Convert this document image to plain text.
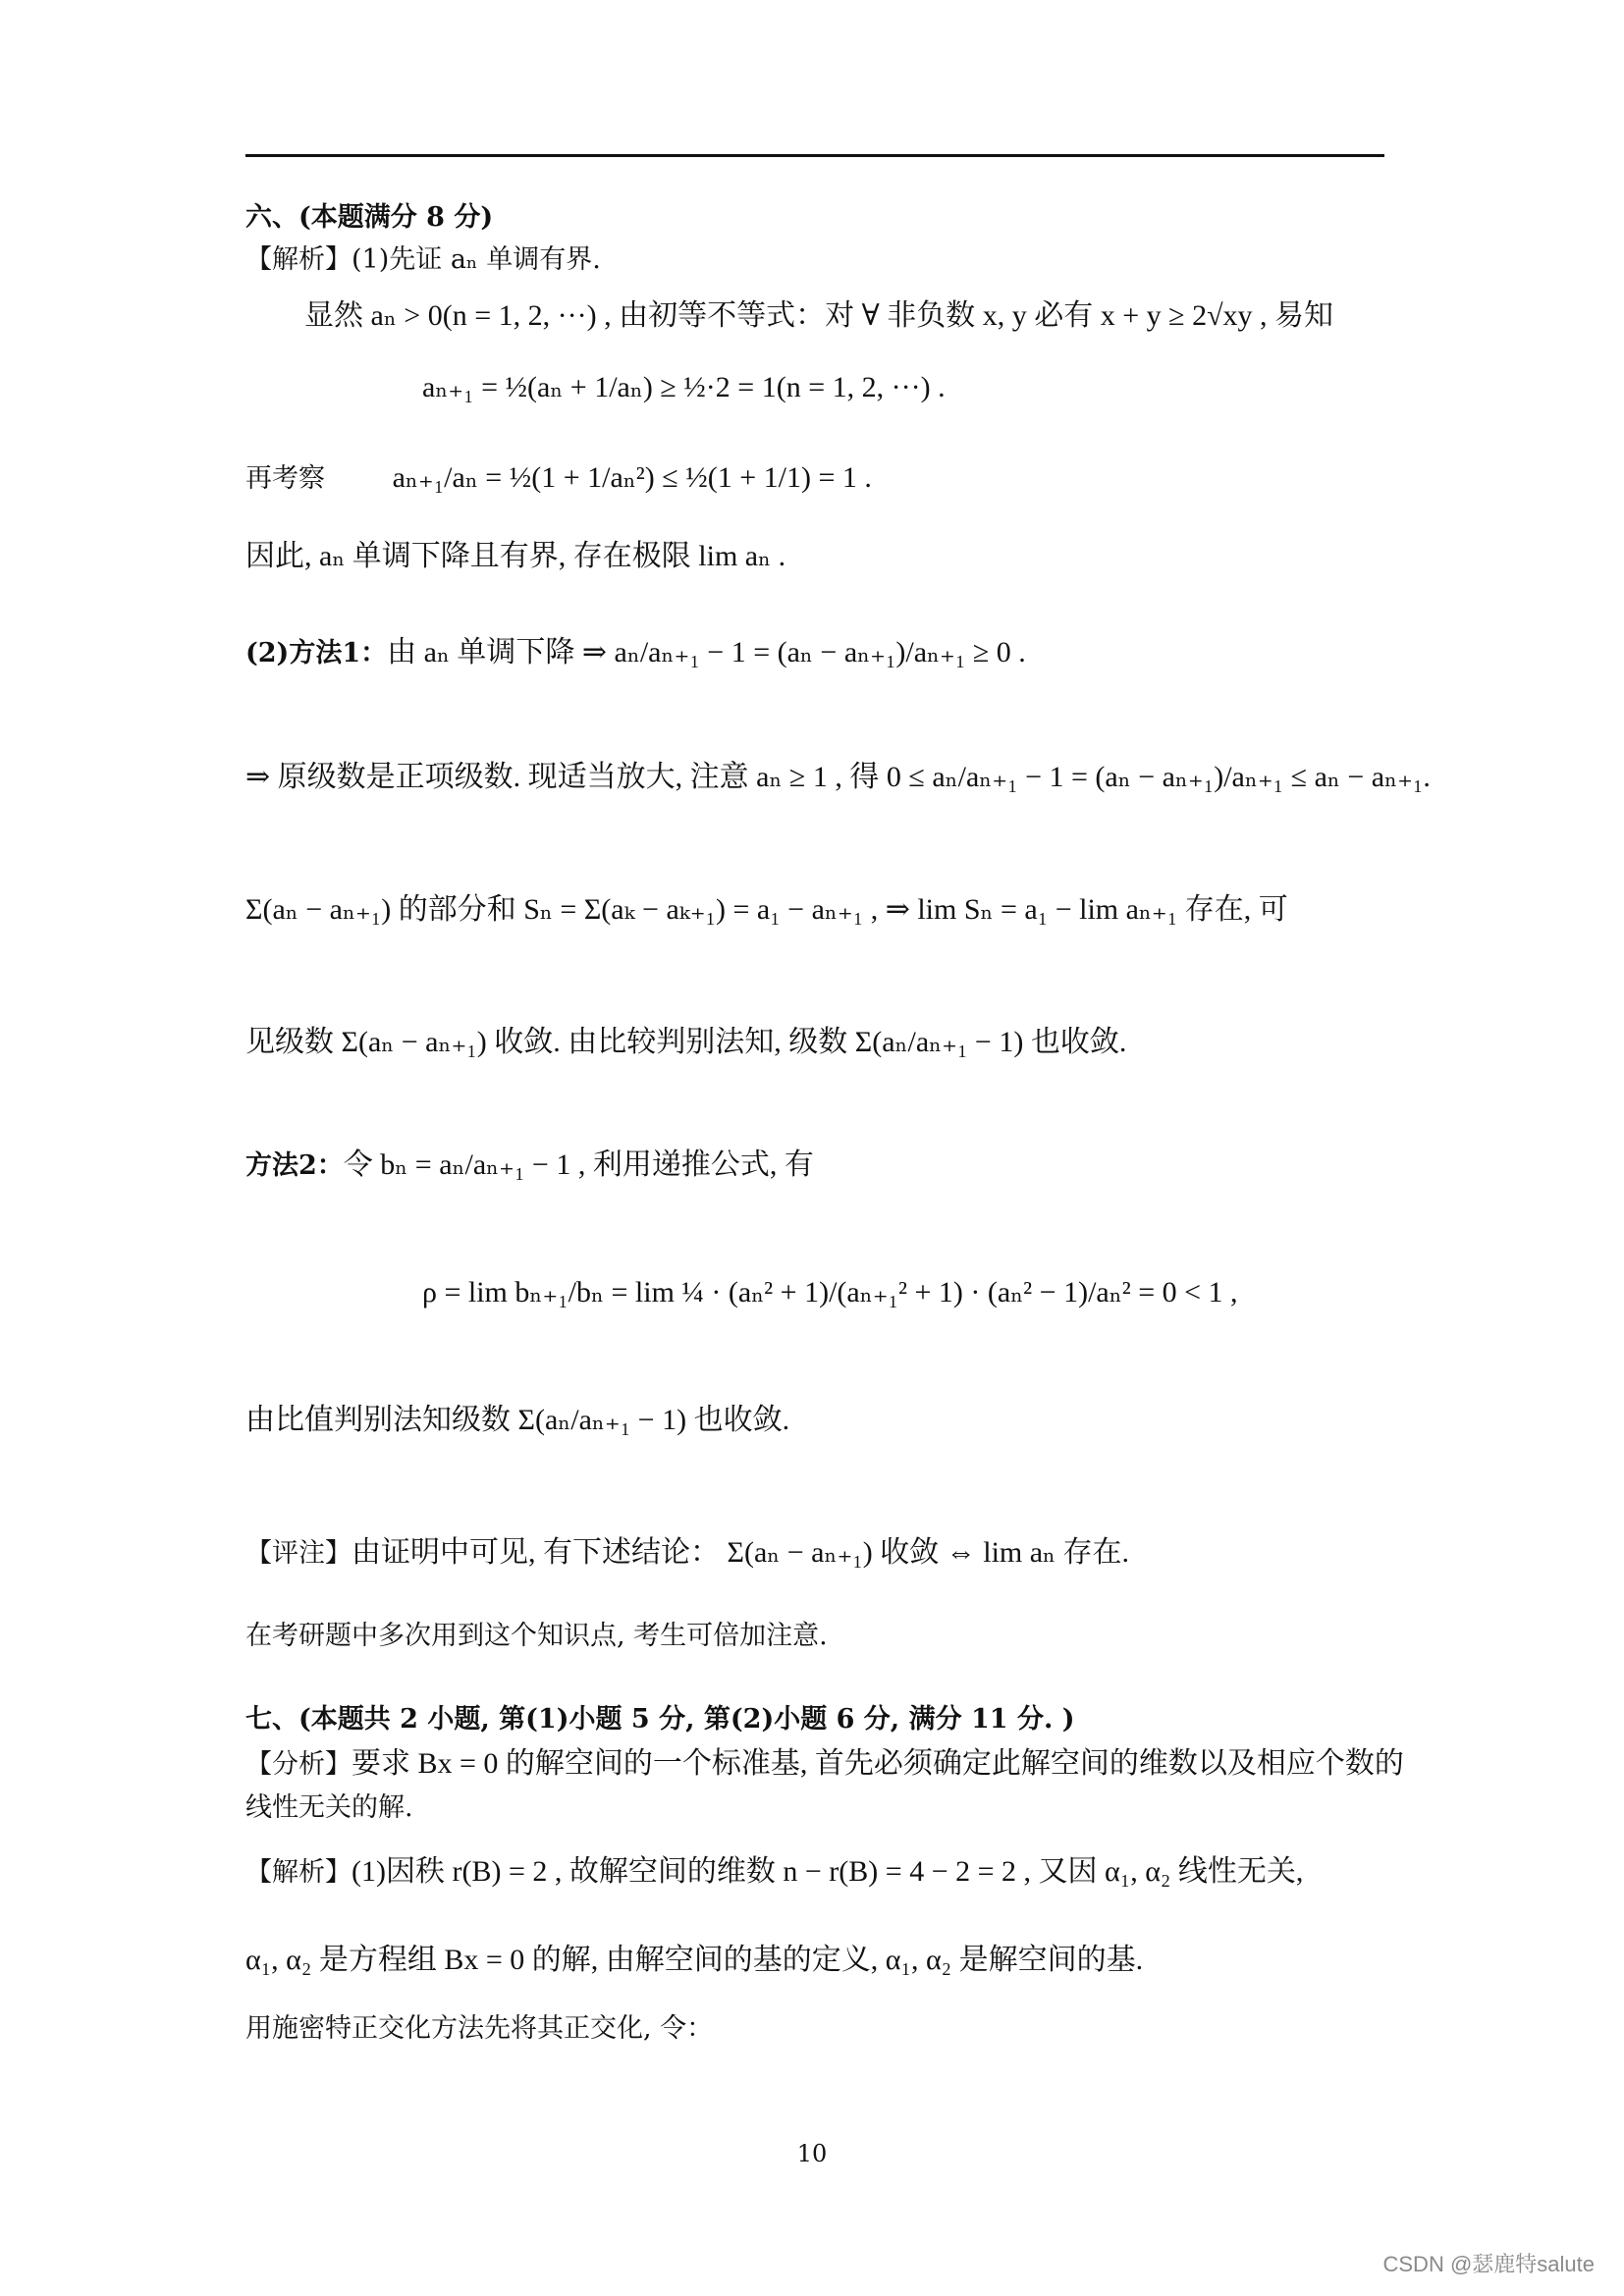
六、(本题满分 8 分)
【解析】(1)先证 aₙ 单调有界.
显然 aₙ > 0(n = 1, 2, ···) , 由初等不等式：对 ∀ 非负数 x, y 必有 x + y ≥ 2√xy , 易知
aₙ₊₁ = ½(aₙ + 1/aₙ) ≥ ½·2 = 1(n = 1, 2, ···) .
再考察 aₙ₊₁/aₙ = ½(1 + 1/aₙ²) ≤ ½(1 + 1/1) = 1 .
因此, aₙ 单调下降且有界, 存在极限 lim aₙ .
(2)方法1：由 aₙ 单调下降 ⇒ aₙ/aₙ₊₁ − 1 = (aₙ − aₙ₊₁)/aₙ₊₁ ≥ 0 .
⇒ 原级数是正项级数. 现适当放大, 注意 aₙ ≥ 1 , 得 0 ≤ aₙ/aₙ₊₁ − 1 = (aₙ − aₙ₊₁)/aₙ₊₁ ≤ aₙ − aₙ₊₁.
Σ(aₙ − aₙ₊₁) 的部分和 Sₙ = Σ(aₖ − aₖ₊₁) = a₁ − aₙ₊₁ , ⇒ lim Sₙ = a₁ − lim aₙ₊₁ 存在, 可
见级数 Σ(aₙ − aₙ₊₁) 收敛. 由比较判别法知, 级数 Σ(aₙ/aₙ₊₁ − 1) 也收敛.
方法2：令 bₙ = aₙ/aₙ₊₁ − 1 , 利用递推公式, 有
ρ = lim bₙ₊₁/bₙ = lim ¼ · (aₙ² + 1)/(aₙ₊₁² + 1) · (aₙ² − 1)/aₙ² = 0 < 1 ,
由比值判别法知级数 Σ(aₙ/aₙ₊₁ − 1) 也收敛.
【评注】由证明中可见, 有下述结论： Σ(aₙ − aₙ₊₁) 收敛 ⇔ lim aₙ 存在.
在考研题中多次用到这个知识点, 考生可倍加注意.
七、(本题共 2 小题, 第(1)小题 5 分, 第(2)小题 6 分, 满分 11 分. )
【分析】要求 Bx = 0 的解空间的一个标准基, 首先必须确定此解空间的维数以及相应个数的
线性无关的解.
【解析】(1)因秩 r(B) = 2 , 故解空间的维数 n − r(B) = 4 − 2 = 2 , 又因 α₁, α₂ 线性无关,
α₁, α₂ 是方程组 Bx = 0 的解, 由解空间的基的定义, α₁, α₂ 是解空间的基.
用施密特正交化方法先将其正交化, 令：
10
CSDN @瑟鹿特salute
